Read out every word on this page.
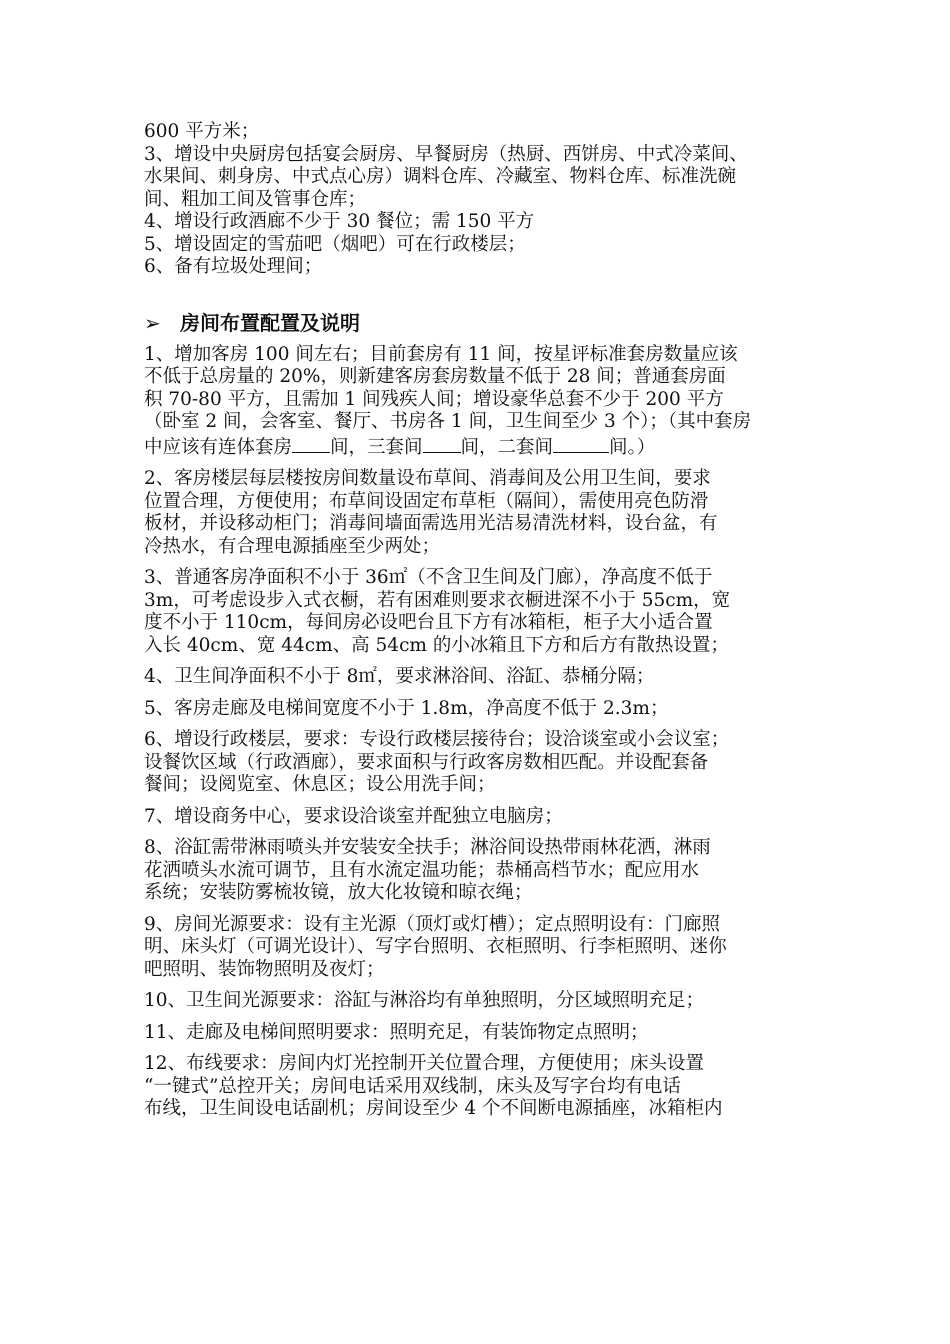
600 平方米；
3、增设中央厨房包括宴会厨房、早餐厨房（热厨、西饼房、中式冷菜间、
水果间、刺身房、中式点心房）调料仓库、冷藏室、物料仓库、标准洗碗
间、粗加工间及管事仓库；
4、增设行政酒廊不少于 30 餐位；需 150 平方
5、增设固定的雪茄吧（烟吧）可在行政楼层；
6、备有垃圾处理间；
➢ 房间布置配置及说明
1、增加客房 100 间左右；目前套房有 11 间，按星评标准套房数量应该
不低于总房量的 20%，则新建客房套房数量不低于 28 间；普通套房面
积 70-80 平方，且需加 1 间残疾人间；增设豪华总套不少于 200 平方
（卧室 2 间，会客室、餐厅、书房各 1 间，卫生间至少 3 个）；（其中套房
中应该有连体套房 间，三套间 间，二套间	间。）
2、客房楼层每层楼按房间数量设布草间、消毒间及公用卫生间，要求
位置合理，方便使用；布草间设固定布草柜（隔间），需使用亮色防滑
板材，并设移动柜门；消毒间墙面需选用光洁易清洗材料，设台盆，有
冷热水，有合理电源插座至少两处；
3、普通客房净面积不小于 36㎡（不含卫生间及门廊），净高度不低于
3m，可考虑设步入式衣橱，若有困难则要求衣橱进深不小于 55cm，宽
度不小于 110cm，每间房必设吧台且下方有冰箱柜，柜子大小适合置
入长 40cm、宽 44cm、高 54cm 的小冰箱且下方和后方有散热设置；
4、卫生间净面积不小于 8㎡，要求淋浴间、浴缸、恭桶分隔；
5、客房走廊及电梯间宽度不小于 1.8m，净高度不低于 2.3m；
6、增设行政楼层，要求：专设行政楼层接待台；设洽谈室或小会议室；
设餐饮区域（行政酒廊），要求面积与行政客房数相匹配。并设配套备
餐间；设阅览室、休息区；设公用洗手间；
7、增设商务中心，要求设洽谈室并配独立电脑房；
8、浴缸需带淋雨喷头并安装安全扶手；淋浴间设热带雨林花洒，淋雨
花洒喷头水流可调节，且有水流定温功能；恭桶高档节水；配应用水
系统；安装防雾梳妆镜，放大化妆镜和晾衣绳；
9、房间光源要求：设有主光源（顶灯或灯槽）；定点照明设有：门廊照
明、床头灯（可调光设计）、写字台照明、衣柜照明、行李柜照明、迷你
吧照明、装饰物照明及夜灯；
10、卫生间光源要求：浴缸与淋浴均有单独照明，分区域照明充足；
11、走廊及电梯间照明要求：照明充足，有装饰物定点照明；
12、布线要求：房间内灯光控制开关位置合理，方便使用；床头设置
“一键式”总控开关；房间电话采用双线制，床头及写字台均有电话
布线，卫生间设电话副机；房间设至少 4 个不间断电源插座，冰箱柜内
